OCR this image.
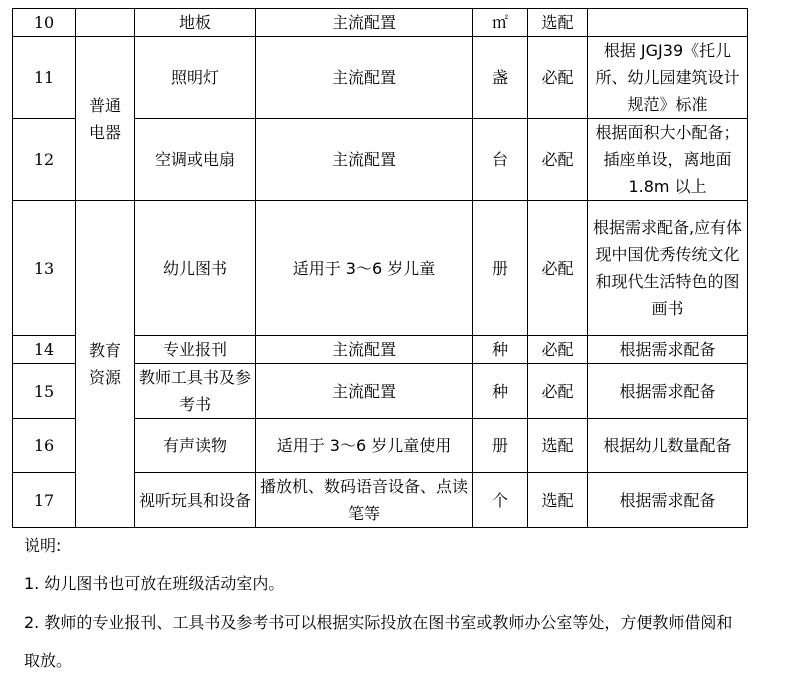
10		地板	主流配置	㎡	选配	
11	普通电器	照明灯	主流配置	盏	必配	根据 JGJ39《托儿所、幼儿园建筑设计规范》标准
12		空调或电扇	主流配置	台	必配	根据面积大小配备；插座单设，离地面 1.8m 以上
13	教育资源	幼儿图书	适用于 3～6 岁儿童	册	必配	根据需求配备,应有体现中国优秀传统文化和现代生活特色的图画书
14		专业报刊	主流配置	种	必配	根据需求配备
15		教师工具书及参考书	主流配置	种	必配	根据需求配备
16		有声读物	适用于 3～6 岁儿童使用	册	选配	根据幼儿数量配备
17		视听玩具和设备	播放机、数码语音设备、点读笔等	个	选配	根据需求配备
说明:
1. 幼儿图书也可放在班级活动室内。
2. 教师的专业报刊、工具书及参考书可以根据实际投放在图书室或教师办公室等处，方便教师借阅和取放。
